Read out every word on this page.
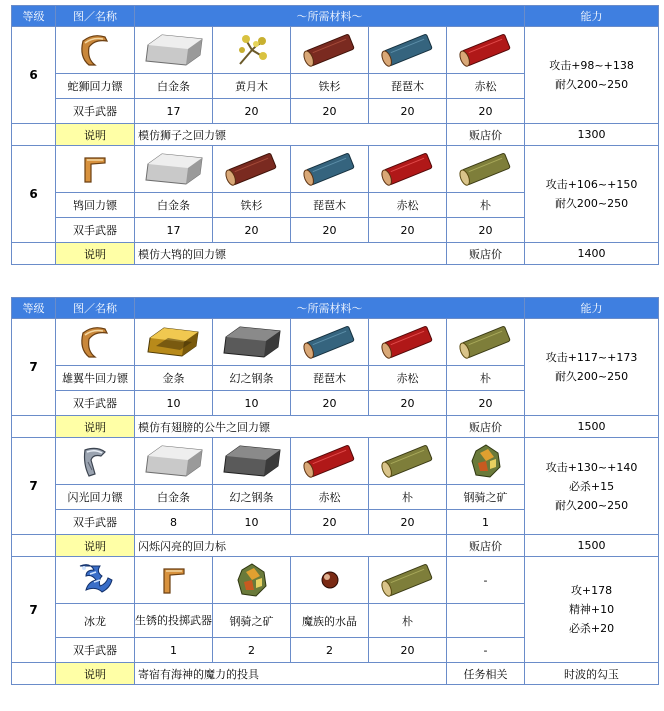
等级	图／名称	～所需材料～					能力
6							攻击+98~+138
耐久200~250

	蛇狮回力镖	白金条	黄月木	铁杉	琵琶木	赤松	
	双手武器	17	20	20	20	20	
	说明	模仿狮子之回力镖				贩店价	1300
6							攻击+106~+150
耐久200~250

	鸨回力镖	白金条	铁杉	琵琶木	赤松	朴	
	双手武器	17	20	20	20	20	
	说明	模仿大鸨的回力镖				贩店价	1400
等级	图／名称	～所需材料～					能力
7							攻击+117~+173
耐久200~250

	雄翼牛回力镖	金条	幻之钢条	琵琶木	赤松	朴	
	双手武器	10	10	20	20	20	
	说明	模仿有翅膀的公牛之回力镖				贩店价	1500
7							攻击+130~+140
必杀+15
耐久200~250

	闪光回力镖	白金条	幻之钢条	赤松	朴	钢骑之矿	
	双手武器	8	10	20	20	1	
	说明	闪烁闪亮的回力标				贩店价	1500
7						-	攻+178
精神+10
必杀+20

	冰龙	生锈的投掷武器	钢骑之矿	魔族的水晶	朴		
	双手武器	1	2	2	20	-	
	说明	寄宿有海神的魔力的投具				任务相关	时波的勾玉
